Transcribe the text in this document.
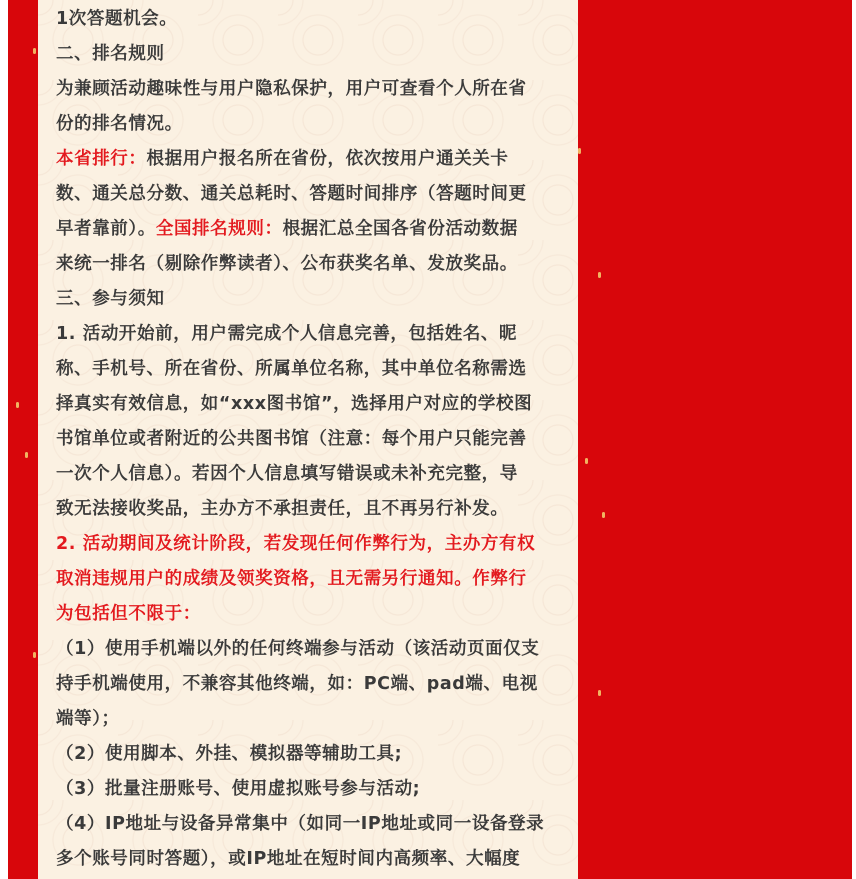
1次答题机会。

二、排名规则

为兼顾活动趣味性与用户隐私保护，用户可查看个人所在省

份的排名情况。

本省排行：根据用户报名所在省份，依次按用户通关关卡

数、通关总分数、通关总耗时、答题时间排序（答题时间更

早者靠前）。全国排名规则：根据汇总全国各省份活动数据

来统一排名（剔除作弊读者）、公布获奖名单、发放奖品。

三、参与须知

1. 活动开始前，用户需完成个人信息完善，包括姓名、昵

称、手机号、所在省份、所属单位名称，其中单位名称需选

择真实有效信息，如“xxx图书馆”，选择用户对应的学校图

书馆单位或者附近的公共图书馆（注意：每个用户只能完善

一次个人信息）。若因个人信息填写错误或未补充完整，导

致无法接收奖品，主办方不承担责任，且不再另行补发。

2. 活动期间及统计阶段，若发现任何作弊行为，主办方有权

取消违规用户的成绩及领奖资格，且无需另行通知。作弊行

为包括但不限于：

（1）使用手机端以外的任何终端参与活动（该活动页面仅支

持手机端使用，不兼容其他终端，如：PC端、pad端、电视

端等）；

（2）使用脚本、外挂、模拟器等辅助工具;

（3）批量注册账号、使用虚拟账号参与活动;

（4）IP地址与设备异常集中（如同一IP地址或同一设备登录

多个账号同时答题），或IP地址在短时间内高频率、大幅度
